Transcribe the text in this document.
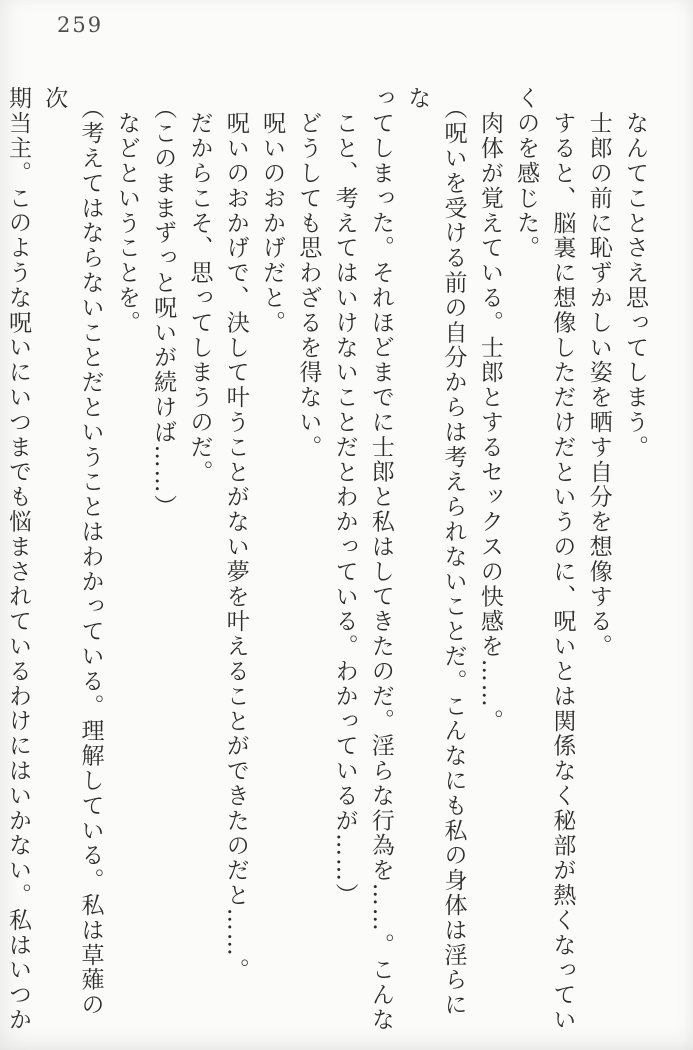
259

なんてことさえ思ってしまう。

士郎の前に恥ずかしい姿を晒す自分を想像する。

すると、脳裏に想像しただけだというのに、呪いとは関係なく秘部が熱くなってい

くのを感じた。

肉体が覚えている。士郎とするセックスの快感を……。

（呪いを受ける前の自分からは考えられないことだ。こんなにも私の身体は淫らにな

ってしまった。それほどまでに士郎と私はしてきたのだ。淫らな行為を……。こんな

こと、考えてはいけないことだとわかっている。わかっているが……）

どうしても思わざるを得ない。

呪いのおかげだと。

呪いのおかげで、決して叶うことがない夢を叶えることができたのだと……。

だからこそ、思ってしまうのだ。

（このままずっと呪いが続けば……）

などということを。

（考えてはならないことだということはわかっている。理解している。私は草薙の次

期当主。このような呪いにいつまでも悩まされているわけにはいかない。私はいつか
